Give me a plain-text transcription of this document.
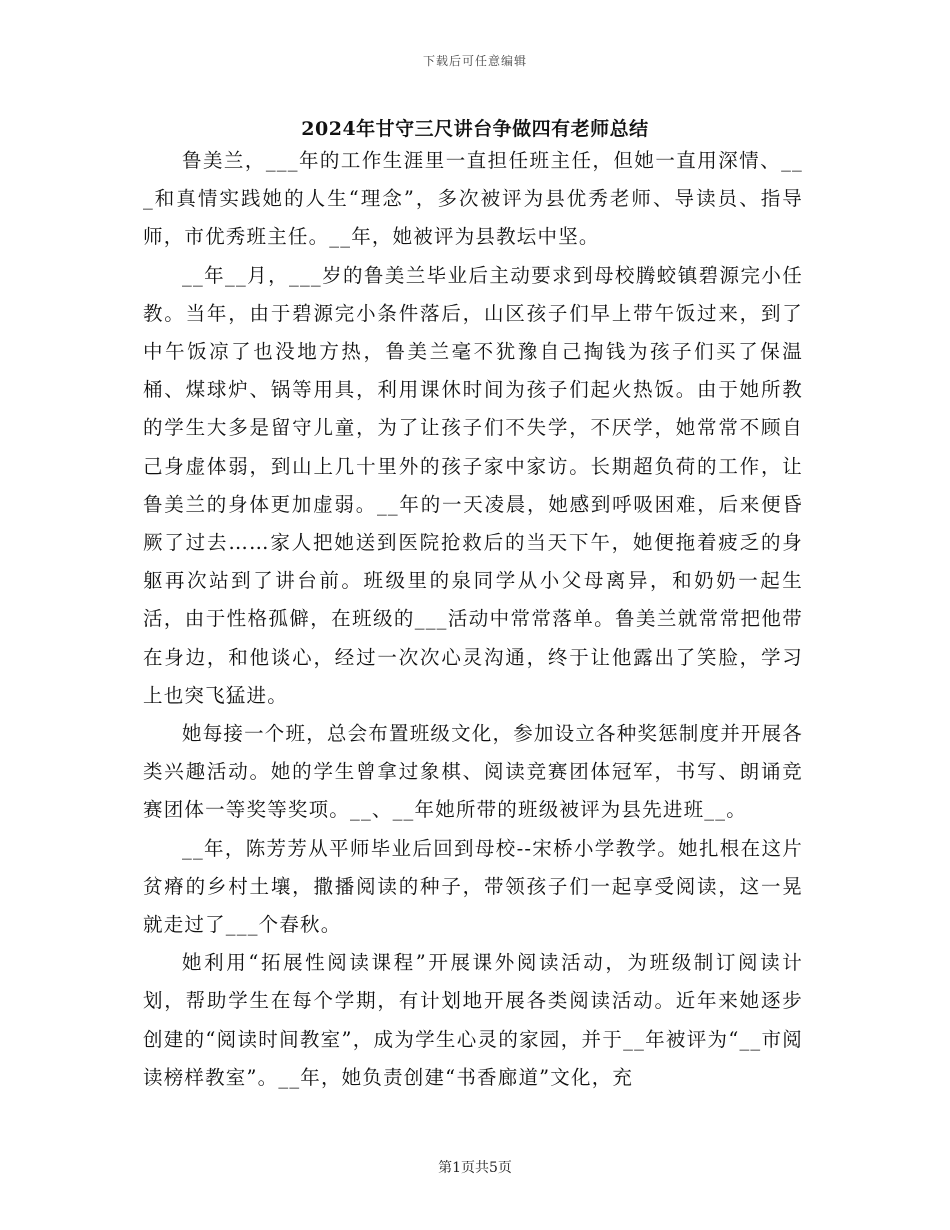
下载后可任意编辑
2024年甘守三尺讲台争做四有老师总结

鲁美兰，___年的工作生涯里一直担任班主任，但她一直用深情、___和真情实践她的人生“理念”，多次被评为县优秀老师、导读员、指导师，市优秀班主任。__年，她被评为县教坛中坚。

__年__月，___岁的鲁美兰毕业后主动要求到母校腾蛟镇碧源完小任教。当年，由于碧源完小条件落后，山区孩子们早上带午饭过来，到了中午饭凉了也没地方热，鲁美兰毫不犹豫自己掏钱为孩子们买了保温桶、煤球炉、锅等用具，利用课休时间为孩子们起火热饭。由于她所教的学生大多是留守儿童，为了让孩子们不失学，不厌学，她常常不顾自己身虚体弱，到山上几十里外的孩子家中家访。长期超负荷的工作，让鲁美兰的身体更加虚弱。__年的一天凌晨，她感到呼吸困难，后来便昏厥了过去……家人把她送到医院抢救后的当天下午，她便拖着疲乏的身躯再次站到了讲台前。班级里的泉同学从小父母离异，和奶奶一起生活，由于性格孤僻，在班级的___活动中常常落单。鲁美兰就常常把他带在身边，和他谈心，经过一次次心灵沟通，终于让他露出了笑脸，学习上也突飞猛进。

她每接一个班，总会布置班级文化，参加设立各种奖惩制度并开展各类兴趣活动。她的学生曾拿过象棋、阅读竞赛团体冠军，书写、朗诵竞赛团体一等奖等奖项。__、__年她所带的班级被评为县先进班__。

__年，陈芳芳从平师毕业后回到母校--宋桥小学教学。她扎根在这片贫瘠的乡村土壤，撒播阅读的种子，带领孩子们一起享受阅读，这一晃就走过了___个春秋。

她利用“拓展性阅读课程”开展课外阅读活动，为班级制订阅读计划，帮助学生在每个学期，有计划地开展各类阅读活动。近年来她逐步创建的“阅读时间教室”，成为学生心灵的家园，并于__年被评为“__市阅读榜样教室”。__年，她负责创建“书香廊道”文化，充

第1页共5页
